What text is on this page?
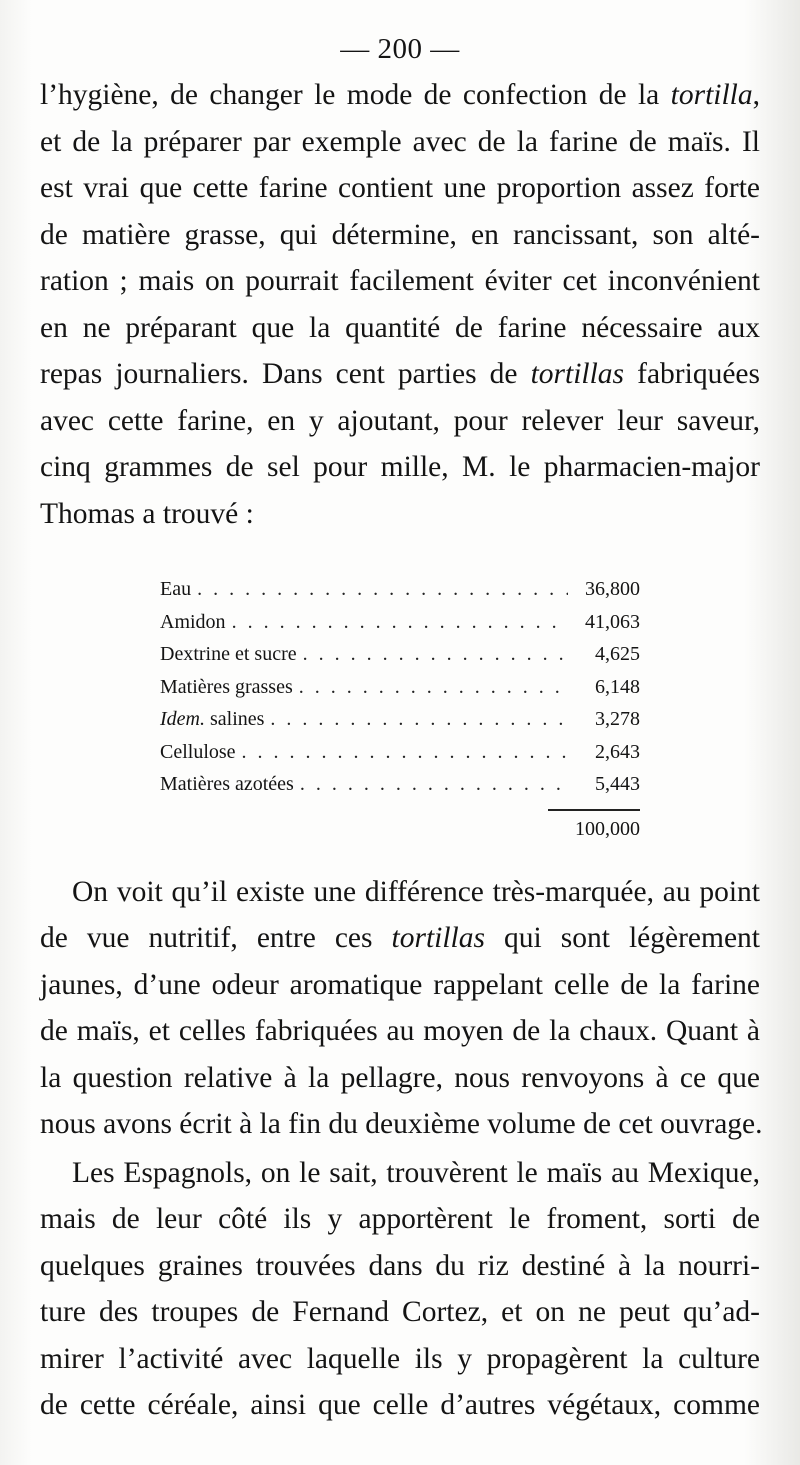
— 200 —
l’hygiène, de changer le mode de confection de la tortilla,
et de la préparer par exemple avec de la farine de maïs. Il
est vrai que cette farine contient une proportion assez forte
de matière grasse, qui détermine, en rancissant, son alté-
ration ; mais on pourrait facilement éviter cet inconvénient
en ne préparant que la quantité de farine nécessaire aux
repas journaliers. Dans cent parties de tortillas fabriquées
avec cette farine, en y ajoutant, pour relever leur saveur,
cinq grammes de sel pour mille, M. le pharmacien-major
Thomas a trouvé :
Eau . . .	36,800
Amidon . . .	41,063
Dextrine et sucre . . .	4,625
Matières grasses . . .	6,148
Idem. salines . . .	3,278
Cellulose . . .	2,643
Matières azotées . . .	5,443
100,000
On voit qu’il existe une différence très-marquée, au point
de vue nutritif, entre ces tortillas qui sont légèrement
jaunes, d’une odeur aromatique rappelant celle de la farine
de maïs, et celles fabriquées au moyen de la chaux. Quant à
la question relative à la pellagre, nous renvoyons à ce que
nous avons écrit à la fin du deuxième volume de cet ouvrage.
Les Espagnols, on le sait, trouvèrent le maïs au Mexique,
mais de leur côté ils y apportèrent le froment, sorti de
quelques graines trouvées dans du riz destiné à la nourri-
ture des troupes de Fernand Cortez, et on ne peut qu’ad-
mirer l’activité avec laquelle ils y propagèrent la culture
de cette céréale, ainsi que celle d’autres végétaux, comme
